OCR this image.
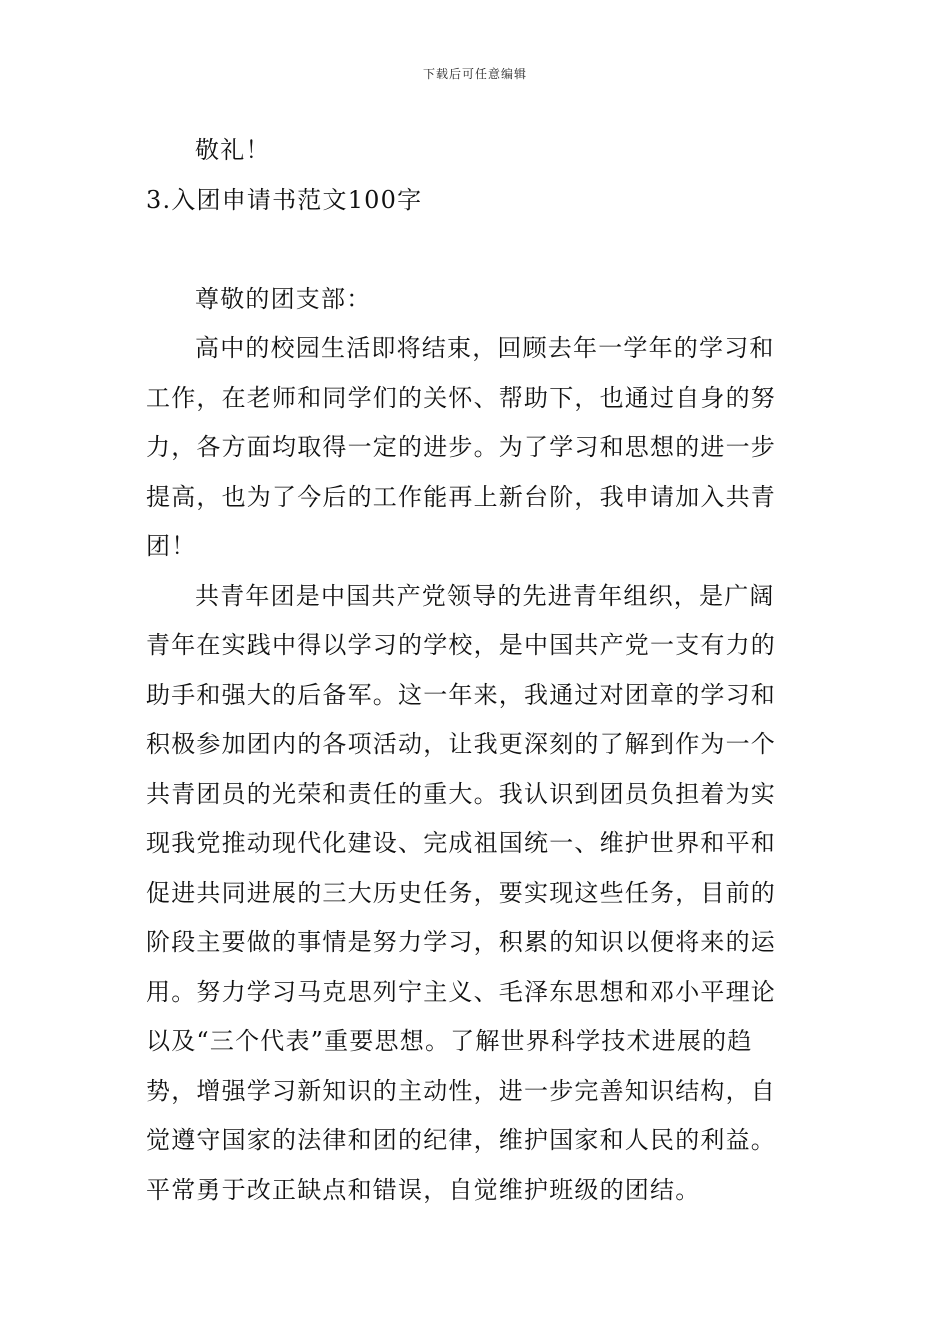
下载后可任意编辑
敬礼！
3.入团申请书范文100字
尊敬的团支部：
高中的校园生活即将结束，回顾去年一学年的学习和
工作，在老师和同学们的关怀、帮助下，也通过自身的努
力，各方面均取得一定的进步。为了学习和思想的进一步
提高，也为了今后的工作能再上新台阶，我申请加入共青
团！
共青年团是中国共产党领导的先进青年组织，是广阔
青年在实践中得以学习的学校，是中国共产党一支有力的
助手和强大的后备军。这一年来，我通过对团章的学习和
积极参加团内的各项活动，让我更深刻的了解到作为一个
共青团员的光荣和责任的重大。我认识到团员负担着为实
现我党推动现代化建设、完成祖国统一、维护世界和平和
促进共同进展的三大历史任务，要实现这些任务，目前的
阶段主要做的事情是努力学习，积累的知识以便将来的运
用。努力学习马克思列宁主义、毛泽东思想和邓小平理论
以及“三个代表”重要思想。了解世界科学技术进展的趋
势，增强学习新知识的主动性，进一步完善知识结构，自
觉遵守国家的法律和团的纪律，维护国家和人民的利益。
平常勇于改正缺点和错误，自觉维护班级的团结。
